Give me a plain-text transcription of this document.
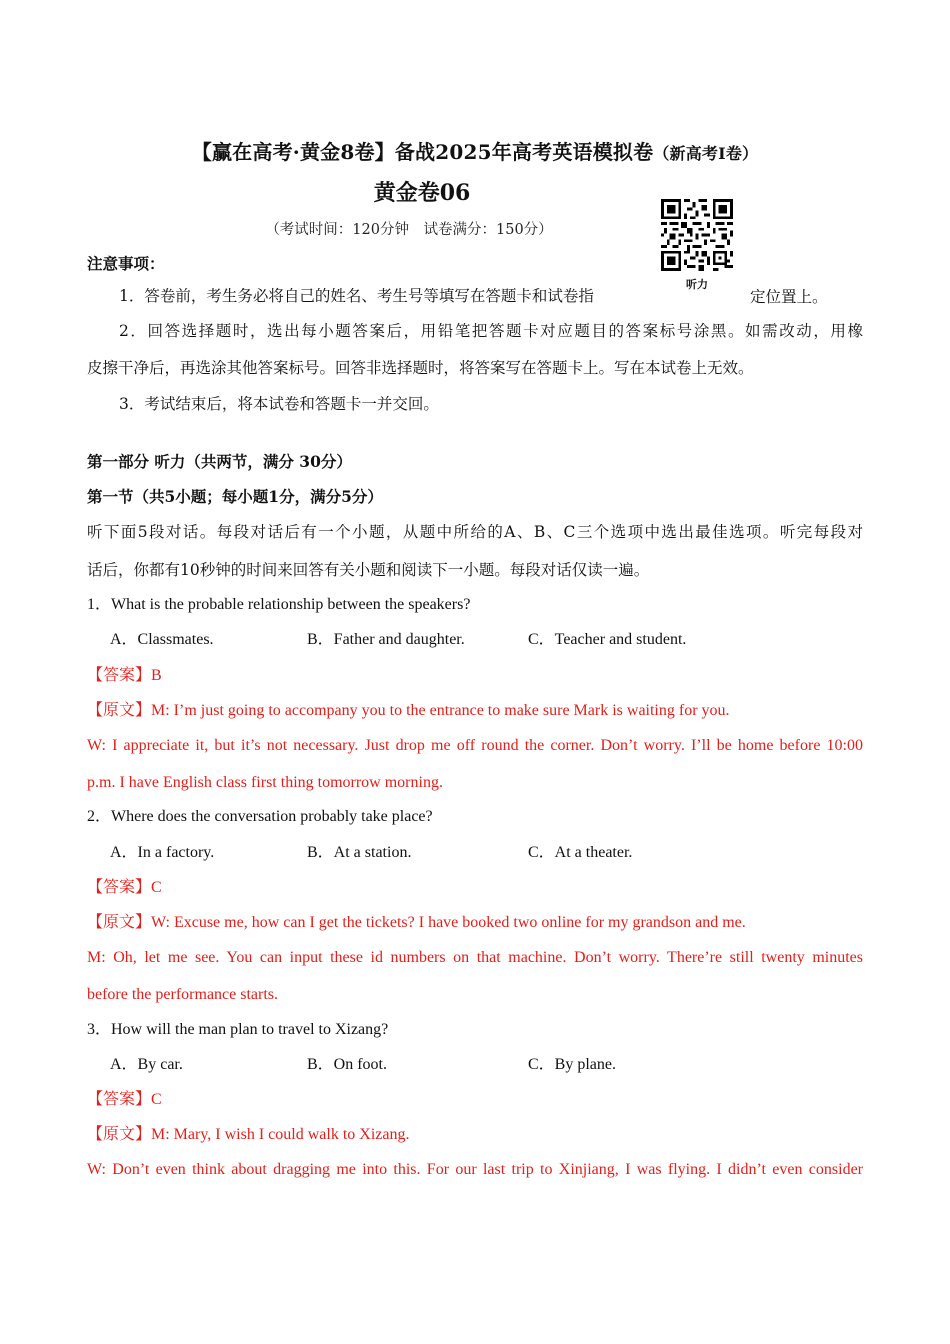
【赢在高考·黄金8卷】备战2025年高考英语模拟卷（新高考Ⅰ卷）
黄金卷06
（考试时间：120分钟　试卷满分：150分）
听力
注意事项：
1．答卷前，考生务必将自己的姓名、考生号等填写在答题卡和试卷指	定位置上。
2．回答选择题时，选出每小题答案后，用铅笔把答题卡对应题目的答案标号涂黑。如需改动，用橡
皮擦干净后，再选涂其他答案标号。回答非选择题时，将答案写在答题卡上。写在本试卷上无效。
3．考试结束后，将本试卷和答题卡一并交回。
第一部分 听力（共两节，满分 30分）
第一节（共5小题；每小题1分，满分5分）
听下面5段对话。每段对话后有一个小题，从题中所给的A、B、C三个选项中选出最佳选项。听完每段对
话后，你都有10秒钟的时间来回答有关小题和阅读下一小题。每段对话仅读一遍。
1．What is the probable relationship between the speakers?
A．Classmates.	B．Father and daughter.	C．Teacher and student.
【答案】B
【原文】M: I’m just going to accompany you to the entrance to make sure Mark is waiting for you.
W: I appreciate it, but it’s not necessary. Just drop me off round the corner. Don’t worry. I’ll be home before 10:00
p.m. I have English class first thing tomorrow morning.
2．Where does the conversation probably take place?
A．In a factory.	B．At a station.	C．At a theater.
【答案】C
【原文】W: Excuse me, how can I get the tickets? I have booked two online for my grandson and me.
M: Oh, let me see. You can input these id numbers on that machine. Don’t worry. There’re still twenty minutes
before the performance starts.
3．How will the man plan to travel to Xizang?
A．By car.	B．On foot.	C．By plane.
【答案】C
【原文】M: Mary, I wish I could walk to Xizang.
W: Don’t even think about dragging me into this. For our last trip to Xinjiang, I was flying. I didn’t even consider
